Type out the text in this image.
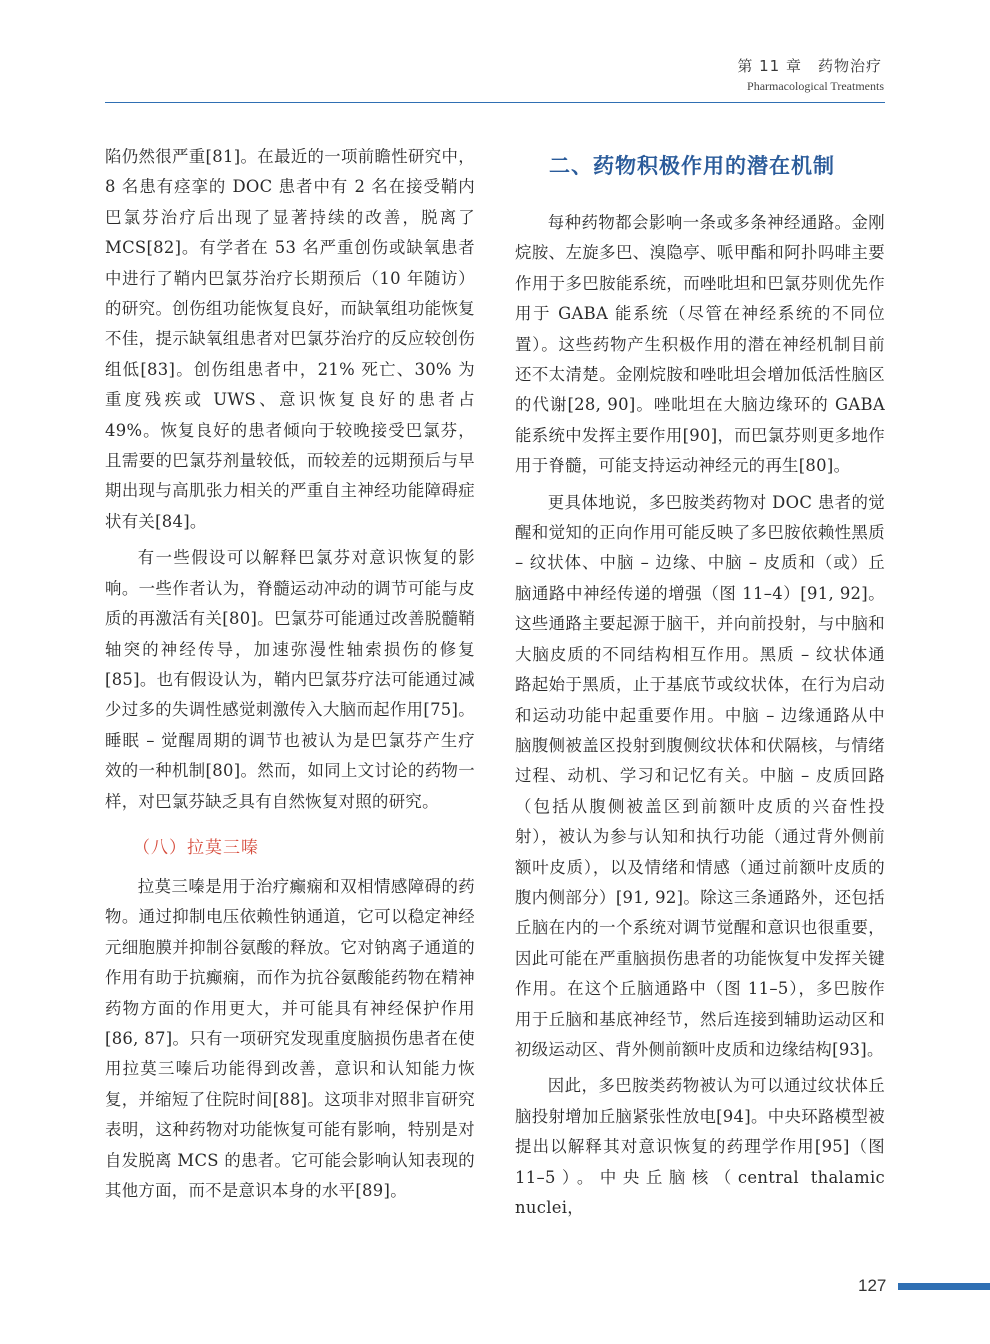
第 11 章　药物治疗
Pharmacological Treatments

陷仍然很严重[81]。在最近的一项前瞻性研究中，8 名患有痉挛的 DOC 患者中有 2 名在接受鞘内巴氯芬治疗后出现了显著持续的改善，脱离了 MCS[82]。有学者在 53 名严重创伤或缺氧患者中进行了鞘内巴氯芬治疗长期预后（10 年随访）的研究。创伤组功能恢复良好，而缺氧组功能恢复不佳，提示缺氧组患者对巴氯芬治疗的反应较创伤组低[83]。创伤组患者中，21% 死亡、30% 为重度残疾或 UWS、意识恢复良好的患者占 49%。恢复良好的患者倾向于较晚接受巴氯芬，且需要的巴氯芬剂量较低，而较差的远期预后与早期出现与高肌张力相关的严重自主神经功能障碍症状有关[84]。

有一些假设可以解释巴氯芬对意识恢复的影响。一些作者认为，脊髓运动冲动的调节可能与皮质的再激活有关[80]。巴氯芬可能通过改善脱髓鞘轴突的神经传导，加速弥漫性轴索损伤的修复[85]。也有假设认为，鞘内巴氯芬疗法可能通过减少过多的失调性感觉刺激传入大脑而起作用[75]。睡眠 – 觉醒周期的调节也被认为是巴氯芬产生疗效的一种机制[80]。然而，如同上文讨论的药物一样，对巴氯芬缺乏具有自然恢复对照的研究。

（八）拉莫三嗪

拉莫三嗪是用于治疗癫痫和双相情感障碍的药物。通过抑制电压依赖性钠通道，它可以稳定神经元细胞膜并抑制谷氨酸的释放。它对钠离子通道的作用有助于抗癫痫，而作为抗谷氨酸能药物在精神药物方面的作用更大，并可能具有神经保护作用[86, 87]。只有一项研究发现重度脑损伤患者在使用拉莫三嗪后功能得到改善，意识和认知能力恢复，并缩短了住院时间[88]。这项非对照非盲研究表明，这种药物对功能恢复可能有影响，特别是对自发脱离 MCS 的患者。它可能会影响认知表现的其他方面，而不是意识本身的水平[89]。

二、药物积极作用的潜在机制

每种药物都会影响一条或多条神经通路。金刚烷胺、左旋多巴、溴隐亭、哌甲酯和阿扑吗啡主要作用于多巴胺能系统，而唑吡坦和巴氯芬则优先作用于 GABA 能系统（尽管在神经系统的不同位置）。这些药物产生积极作用的潜在神经机制目前还不太清楚。金刚烷胺和唑吡坦会增加低活性脑区的代谢[28, 90]。唑吡坦在大脑边缘环的 GABA 能系统中发挥主要作用[90]，而巴氯芬则更多地作用于脊髓，可能支持运动神经元的再生[80]。

更具体地说，多巴胺类药物对 DOC 患者的觉醒和觉知的正向作用可能反映了多巴胺依赖性黑质 – 纹状体、中脑 – 边缘、中脑 – 皮质和（或）丘脑通路中神经传递的增强（图 11–4）[91, 92]。这些通路主要起源于脑干，并向前投射，与中脑和大脑皮质的不同结构相互作用。黑质 – 纹状体通路起始于黑质，止于基底节或纹状体，在行为启动和运动功能中起重要作用。中脑 – 边缘通路从中脑腹侧被盖区投射到腹侧纹状体和伏隔核，与情绪过程、动机、学习和记忆有关。中脑 – 皮质回路（包括从腹侧被盖区到前额叶皮质的兴奋性投射），被认为参与认知和执行功能（通过背外侧前额叶皮质），以及情绪和情感（通过前额叶皮质的腹内侧部分）[91, 92]。除这三条通路外，还包括丘脑在内的一个系统对调节觉醒和意识也很重要，因此可能在严重脑损伤患者的功能恢复中发挥关键作用。在这个丘脑通路中（图 11–5），多巴胺作用于丘脑和基底神经节，然后连接到辅助运动区和初级运动区、背外侧前额叶皮质和边缘结构[93]。

因此，多巴胺类药物被认为可以通过纹状体丘脑投射增加丘脑紧张性放电[94]。中央环路模型被提出以解释其对意识恢复的药理学作用[95]（图 11–5）。中央丘脑核（central thalamic nuclei，

127
